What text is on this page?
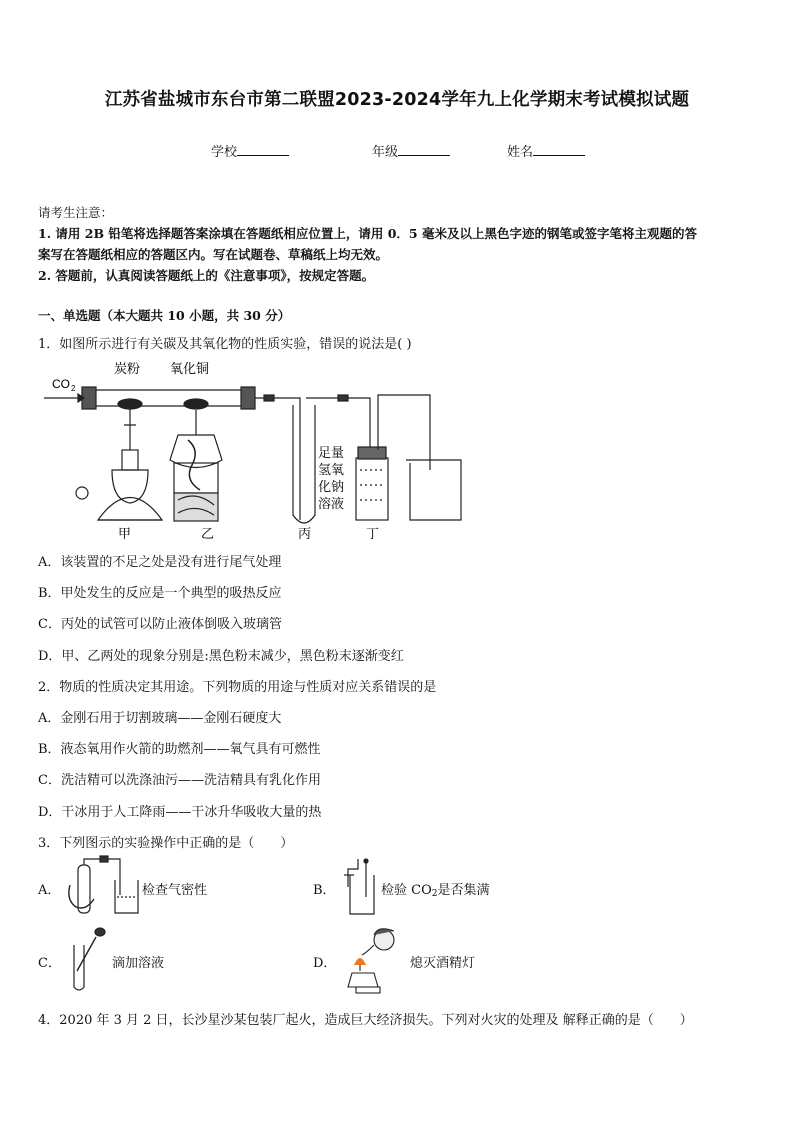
江苏省盐城市东台市第二联盟2023-2024学年九上化学期末考试模拟试题
学校	年级	姓名
请考生注意：
1. 请用 2B 铅笔将选择题答案涂填在答题纸相应位置上，请用 0．5 毫米及以上黑色字迹的钢笔或签字笔将主观题的答
案写在答题纸相应的答题区内。写在试题卷、草稿纸上均无效。
2. 答题前，认真阅读答题纸上的《注意事项》，按规定答题。
一、单选题（本大题共 10 小题，共 30 分）
1．如图所示进行有关碳及其氧化物的性质实验，错误的说法是( )
CO 2
炭粉 氧化铜
甲	乙	丙	丁
足量
氢氧
化钠
溶液
A．该装置的不足之处是没有进行尾气处理
B．甲处发生的反应是一个典型的吸热反应
C．丙处的试管可以防止液体倒吸入玻璃管
D．甲、乙两处的现象分别是:黑色粉末减少，黑色粉末逐渐变红
2．物质的性质决定其用途。下列物质的用途与性质对应关系错误的是
A．金刚石用于切割玻璃——金刚石硬度大
B．液态氧用作火箭的助燃剂——氧气具有可燃性
C．洗洁精可以洗涤油污——洗洁精具有乳化作用
D．干冰用于人工降雨——干冰升华吸收大量的热
3．下列图示的实验操作中正确的是（　　）
A．	检查气密性	B．	检验 $CO_2$是否集满
C．	滴加溶液	D．	熄灭酒精灯
4．2020 年 3 月 2 日，长沙星沙某包装厂起火，造成巨大经济损失。下列对火灾的处理及 解释正确的是（　　）
